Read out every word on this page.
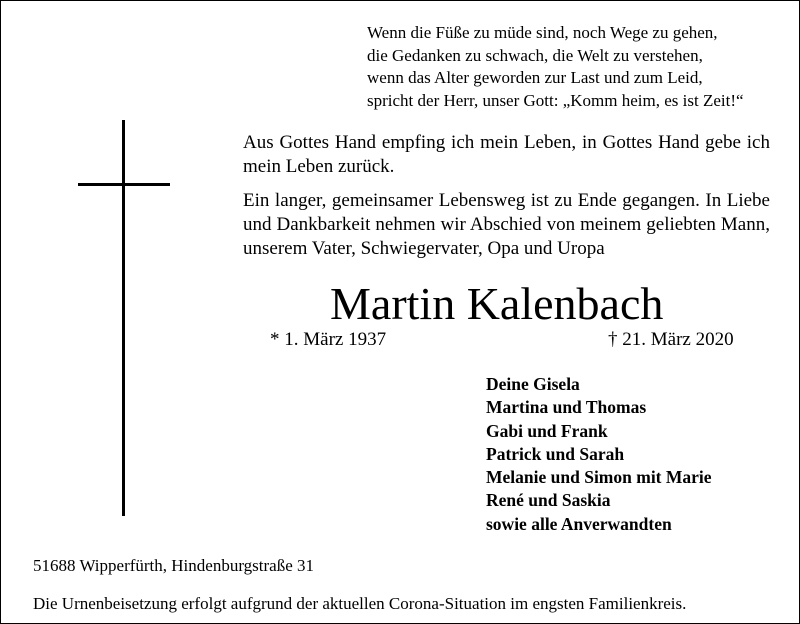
Wenn die Füße zu müde sind, noch Wege zu gehen,
die Gedanken zu schwach, die Welt zu verstehen,
wenn das Alter geworden zur Last und zum Leid,
spricht der Herr, unser Gott: „Komm heim, es ist Zeit!“
Aus Gottes Hand empfing ich mein Leben, in Gottes Hand gebe ich mein Leben zurück.
Ein langer, gemeinsamer Lebensweg ist zu Ende gegangen. In Liebe und Dankbarkeit nehmen wir Abschied von meinem geliebten Mann, unserem Vater, Schwiegervater, Opa und Uropa
Martin Kalenbach
* 1. März 1937	† 21. März 2020
Deine Gisela
Martina und Thomas
Gabi und Frank
Patrick und Sarah
Melanie und Simon mit Marie
René und Saskia
sowie alle Anverwandten
51688 Wipperfürth, Hindenburgstraße 31
Die Urnenbeisetzung erfolgt aufgrund der aktuellen Corona-Situation im engsten Familienkreis.
